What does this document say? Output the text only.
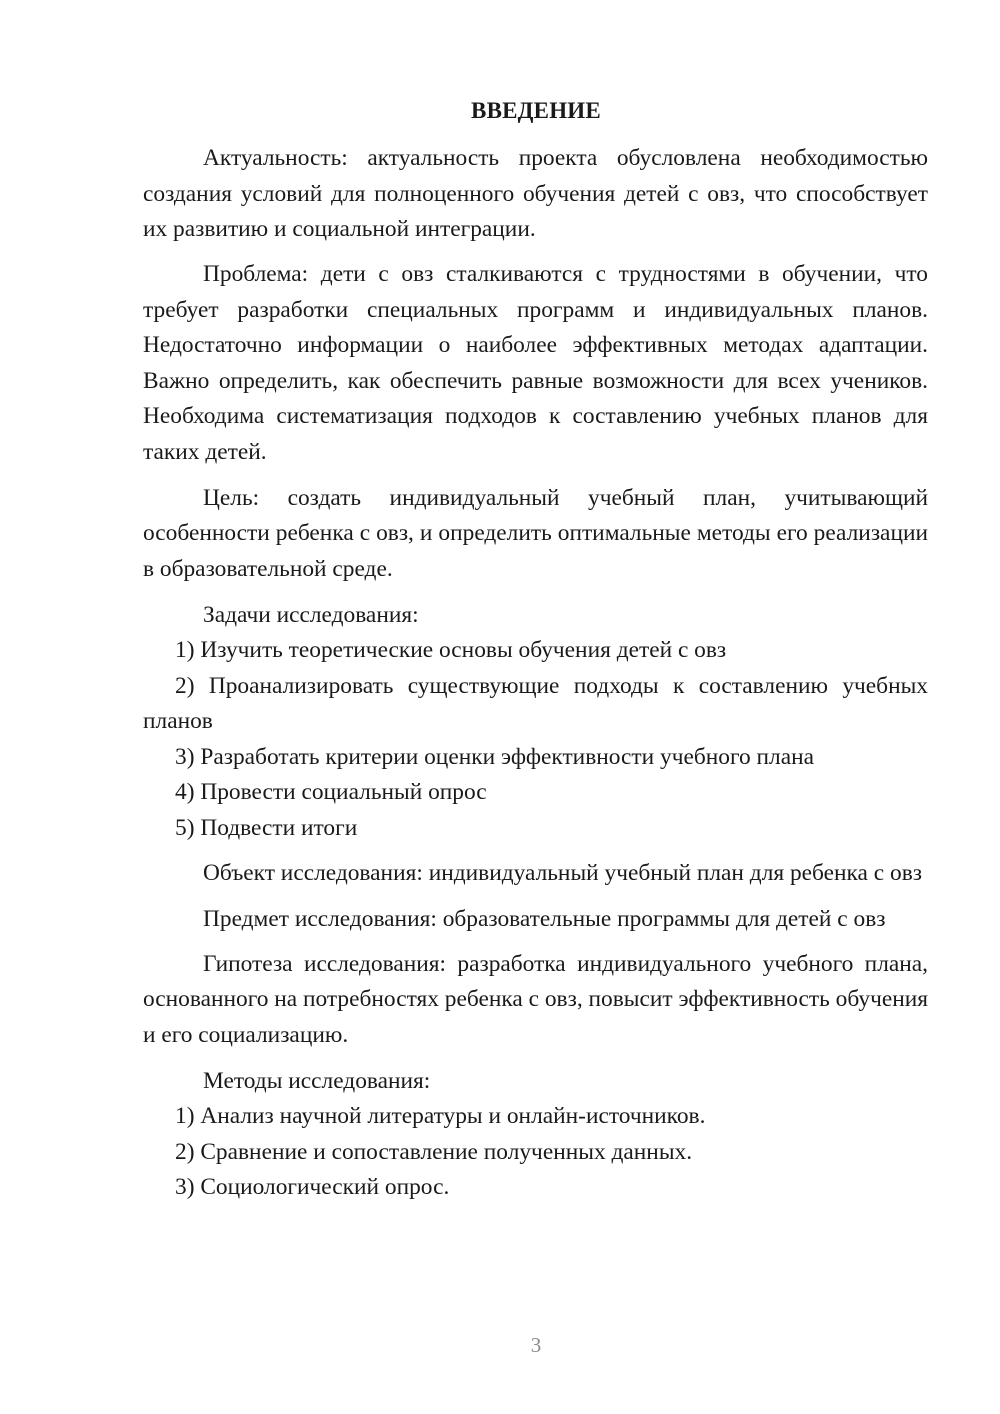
ВВЕДЕНИЕ

Актуальность: актуальность проекта обусловлена необходимостью создания условий для полноценного обучения детей с овз, что способствует их развитию и социальной интеграции.

Проблема: дети с овз сталкиваются с трудностями в обучении, что требует разработки специальных программ и индивидуальных планов. Недостаточно информации о наиболее эффективных методах адаптации. Важно определить, как обеспечить равные возможности для всех учеников. Необходима систематизация подходов к составлению учебных планов для таких детей.

Цель: создать индивидуальный учебный план, учитывающий особенности ребенка с овз, и определить оптимальные методы его реализации в образовательной среде.

Задачи исследования:

1) Изучить теоретические основы обучения детей с овз

2) Проанализировать существующие подходы к составлению учебных планов

3) Разработать критерии оценки эффективности учебного плана

4) Провести социальный опрос

5) Подвести итоги

Объект исследования: индивидуальный учебный план для ребенка с овз

Предмет исследования: образовательные программы для детей с овз

Гипотеза исследования: разработка индивидуального учебного плана, основанного на потребностях ребенка с овз, повысит эффективность обучения и его социализацию.

Методы исследования:

1) Анализ научной литературы и онлайн-источников.

2) Сравнение и сопоставление полученных данных.

3) Социологический опрос.

3
